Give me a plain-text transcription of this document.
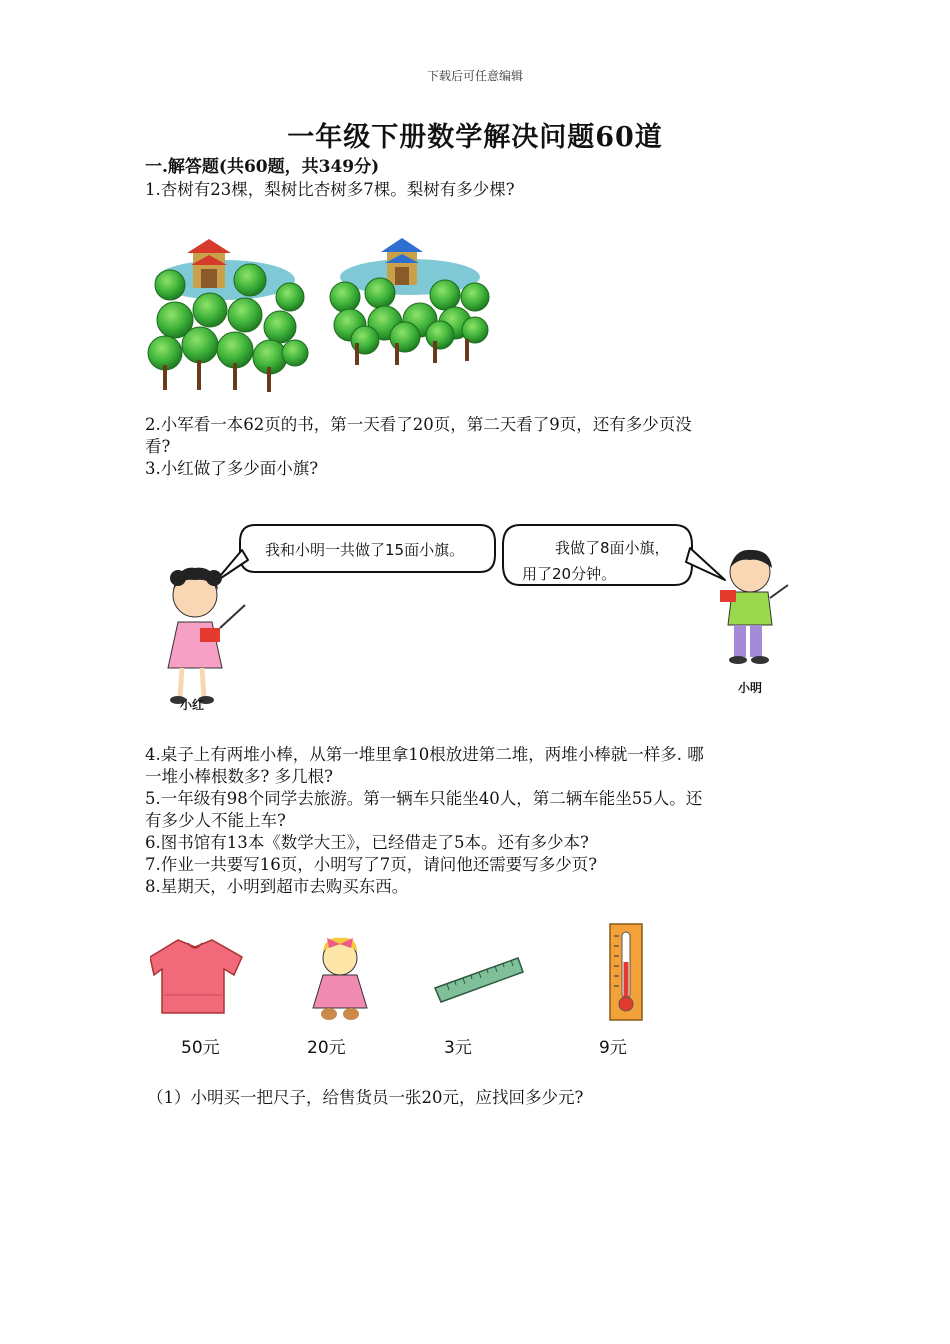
下载后可任意编辑
一年级下册数学解决问题60道
一.解答题(共60题，共349分)
1.杏树有23棵，梨树比杏树多7棵。梨树有多少棵?
2.小军看一本62页的书，第一天看了20页，第二天看了9页，还有多少页没
看?
3.小红做了多少面小旗?
我和小明一共做了15面小旗。	我做了8面小旗，
用了20分钟。
小红
小明
4.桌子上有两堆小棒，从第一堆里拿10根放进第二堆，两堆小棒就一样多. 哪
一堆小棒根数多? 多几根?
5.一年级有98个同学去旅游。第一辆车只能坐40人，第二辆车能坐55人。还
有多少人不能上车?
6.图书馆有13本《数学大王》，已经借走了5本。还有多少本?
7.作业一共要写16页，小明写了7页，请问他还需要写多少页?
8.星期天，小明到超市去购买东西。
50元	20元	3元	9元
（1）小明买一把尺子，给售货员一张20元，应找回多少元?
